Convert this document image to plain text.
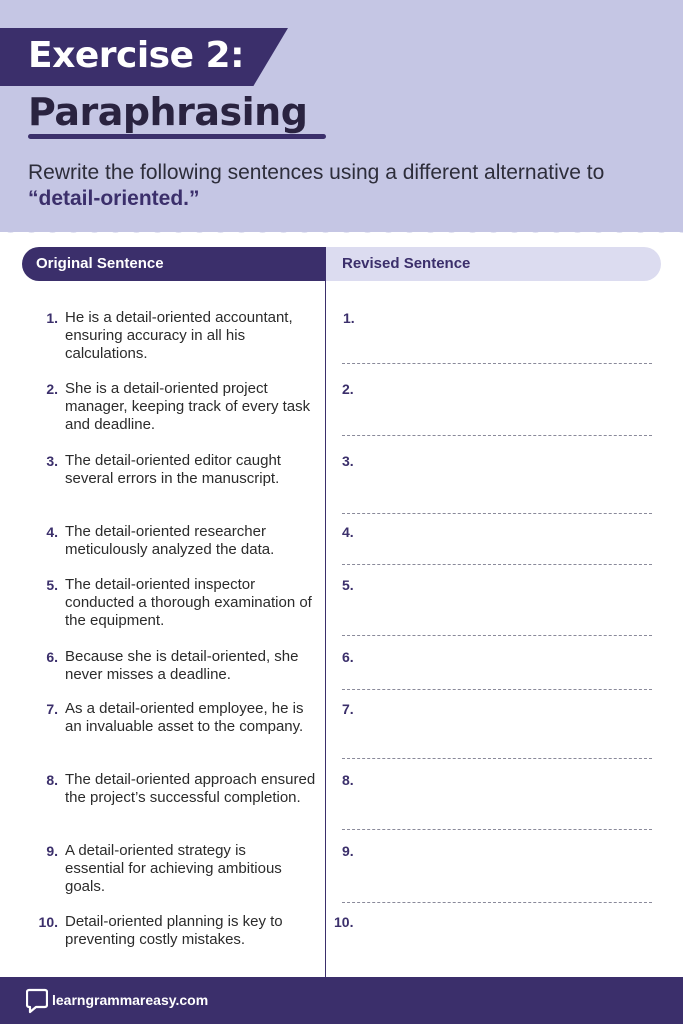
Exercise 2:
Paraphrasing
Rewrite the following sentences using a different alternative to “detail-oriented.”
Original Sentence	Revised Sentence
1. He is a detail-oriented accountant, ensuring accuracy in all his calculations.
1.
2. She is a detail-oriented project manager, keeping track of every task and deadline.
2.
3. The detail-oriented editor caught several errors in the manuscript.
3.
4. The detail-oriented researcher meticulously analyzed the data.
4.
5. The detail-oriented inspector conducted a thorough examination of the equipment.
5.
6. Because she is detail-oriented, she never misses a deadline.
6.
7. As a detail-oriented employee, he is an invaluable asset to the company.
7.
8. The detail-oriented approach ensured the project’s successful completion.
8.
9. A detail-oriented strategy is essential for achieving ambitious goals.
9.
10. Detail-oriented planning is key to preventing costly mistakes.
10.
learngrammareasy.com
